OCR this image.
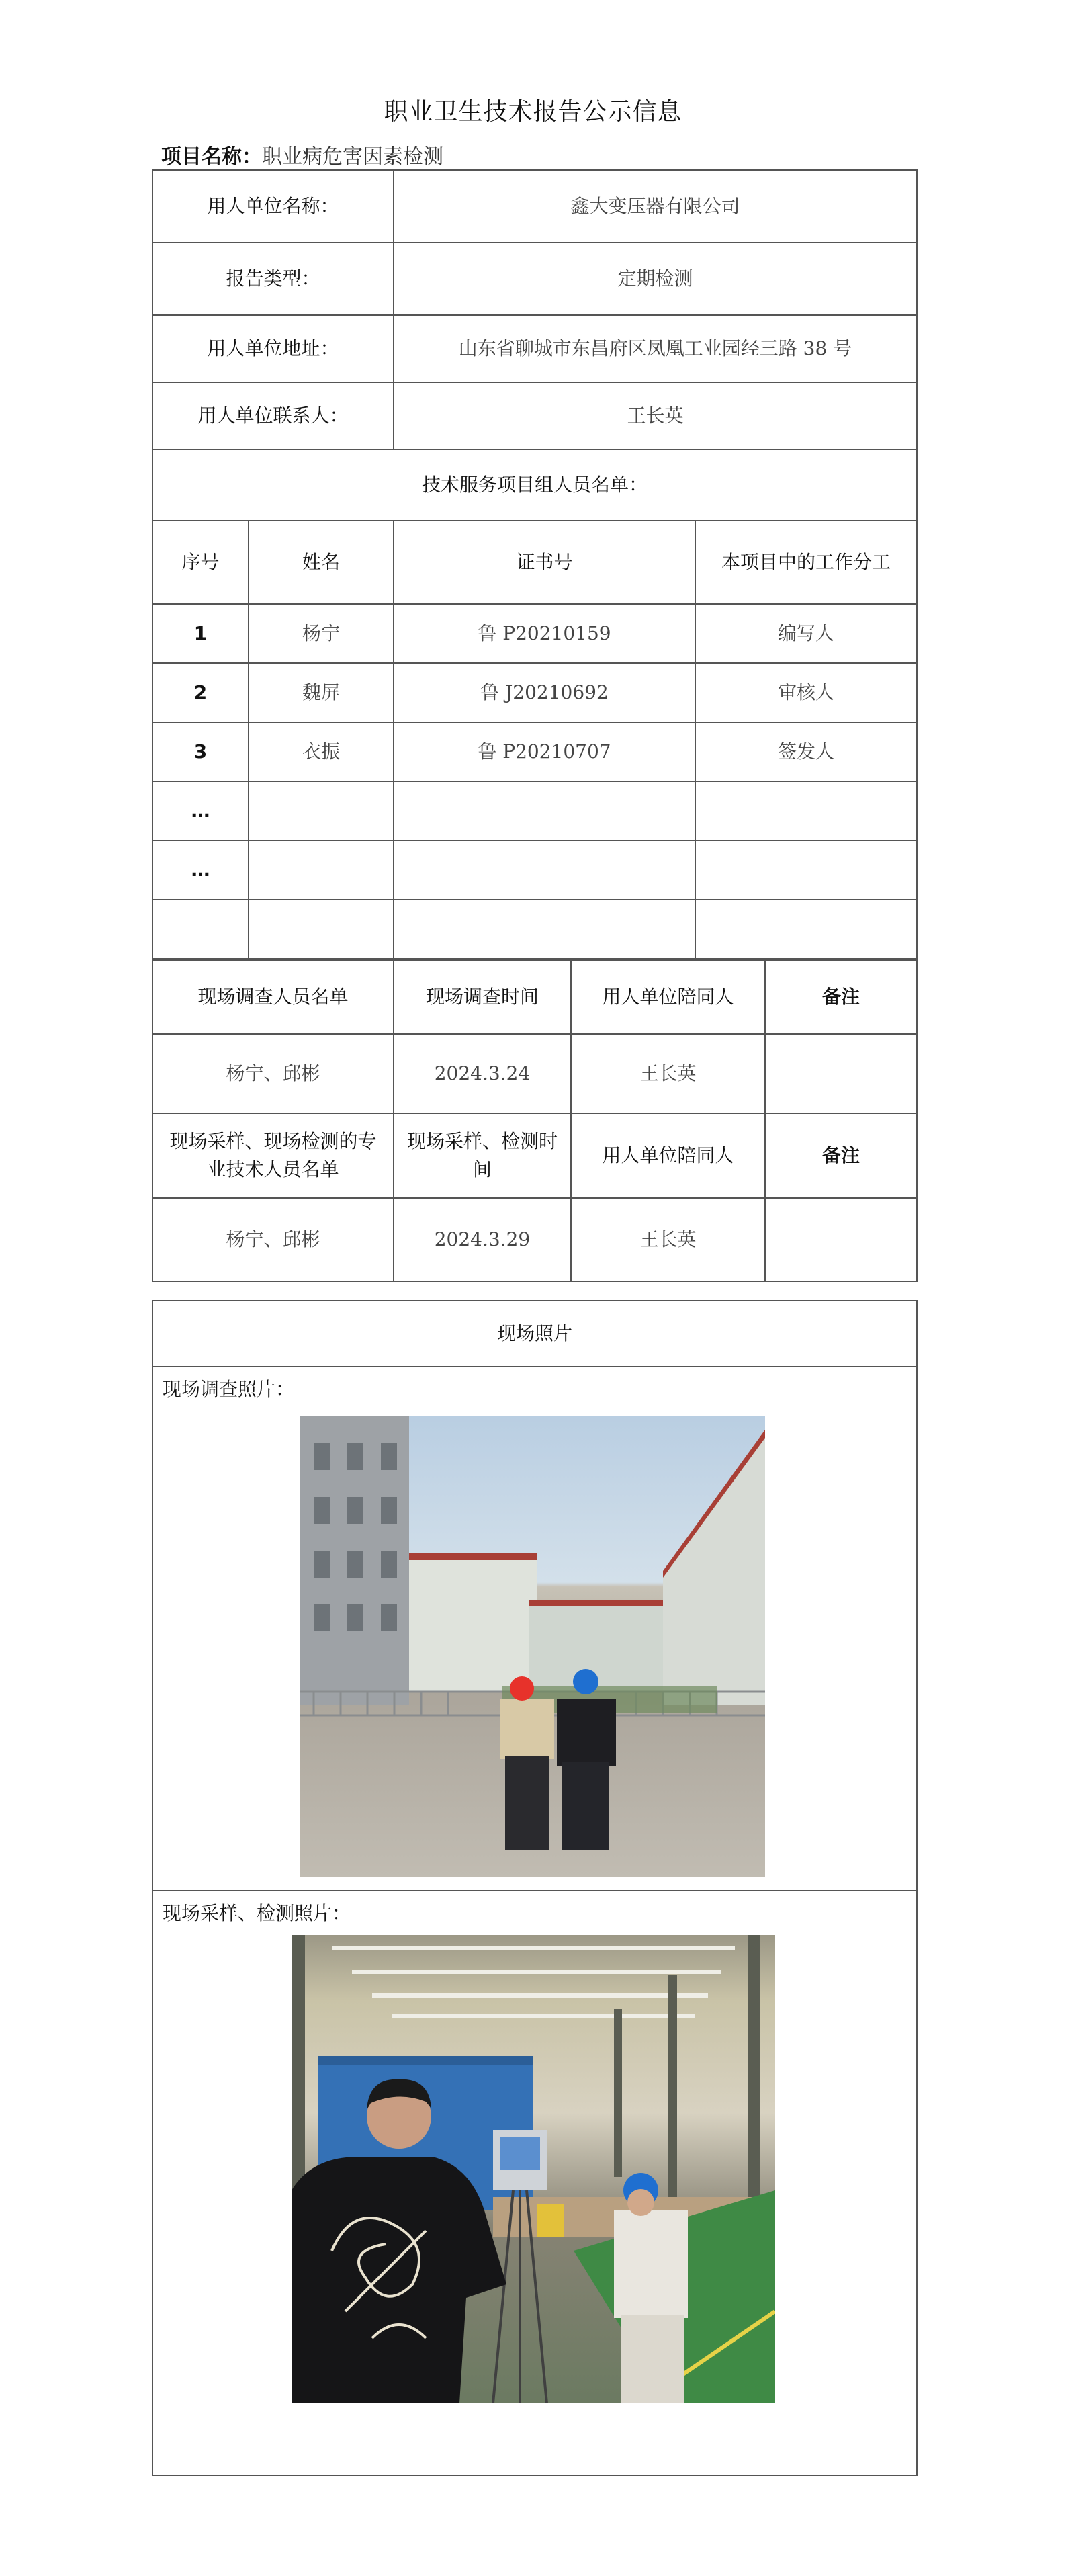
职业卫生技术报告公示信息
项目名称：职业病危害因素检测
用人单位名称：		鑫大变压器有限公司	
报告类型：		定期检测	
用人单位地址：		山东省聊城市东昌府区凤凰工业园经三路 38 号	
用人单位联系人：		王长英	
技术服务项目组人员名单：			
序号	姓名	证书号	本项目中的工作分工
1	杨宁	鲁 P20210159	编写人
2	魏屏	鲁 J20210692	审核人
3	衣振	鲁 P20210707	签发人
…			
…			

现场调查人员名单	现场调查时间	用人单位陪同人	备注
杨宁、邱彬	2024.3.24	王长英	
现场采样、现场检测的专业技术人员名单	现场采样、检测时间	用人单位陪同人	备注
杨宁、邱彬	2024.3.29	王长英	
现场照片

现场调查照片：

现场采样、检测照片：
